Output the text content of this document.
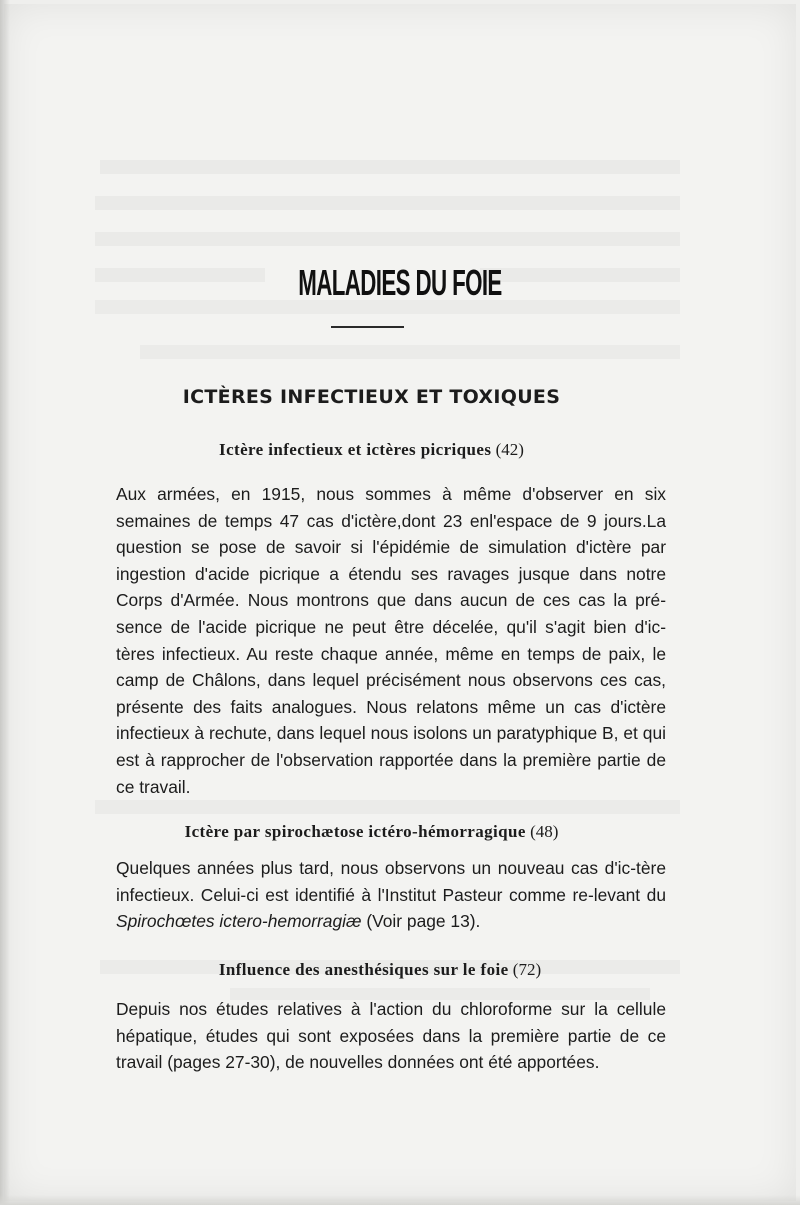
MALADIES DU FOIE
ICTÈRES INFECTIEUX ET TOXIQUES
Ictère infectieux et ictères picriques (42)
Aux armées, en 1915, nous sommes à même d'observer en six semaines de temps 47 cas d'ictère,dont 23 enl'espace de 9 jours.La question se pose de savoir si l'épidémie de simulation d'ictère par ingestion d'acide picrique a étendu ses ravages jusque dans notre Corps d'Armée. Nous montrons que dans aucun de ces cas la pré-sence de l'acide picrique ne peut être décelée, qu'il s'agit bien d'ic-tères infectieux. Au reste chaque année, même en temps de paix, le camp de Châlons, dans lequel précisément nous observons ces cas, présente des faits analogues. Nous relatons même un cas d'ictère infectieux à rechute, dans lequel nous isolons un paratyphique B, et qui est à rapprocher de l'observation rapportée dans la première partie de ce travail.
Ictère par spirochætose ictéro-hémorragique (48)
Quelques années plus tard, nous observons un nouveau cas d'ic-tère infectieux. Celui-ci est identifié à l'Institut Pasteur comme re-levant du Spirochœtes ictero-hemorragiæ (Voir page 13).
Influence des anesthésiques sur le foie (72)
Depuis nos études relatives à l'action du chloroforme sur la cellule hépatique, études qui sont exposées dans la première partie de ce travail (pages 27-30), de nouvelles données ont été apportées.
